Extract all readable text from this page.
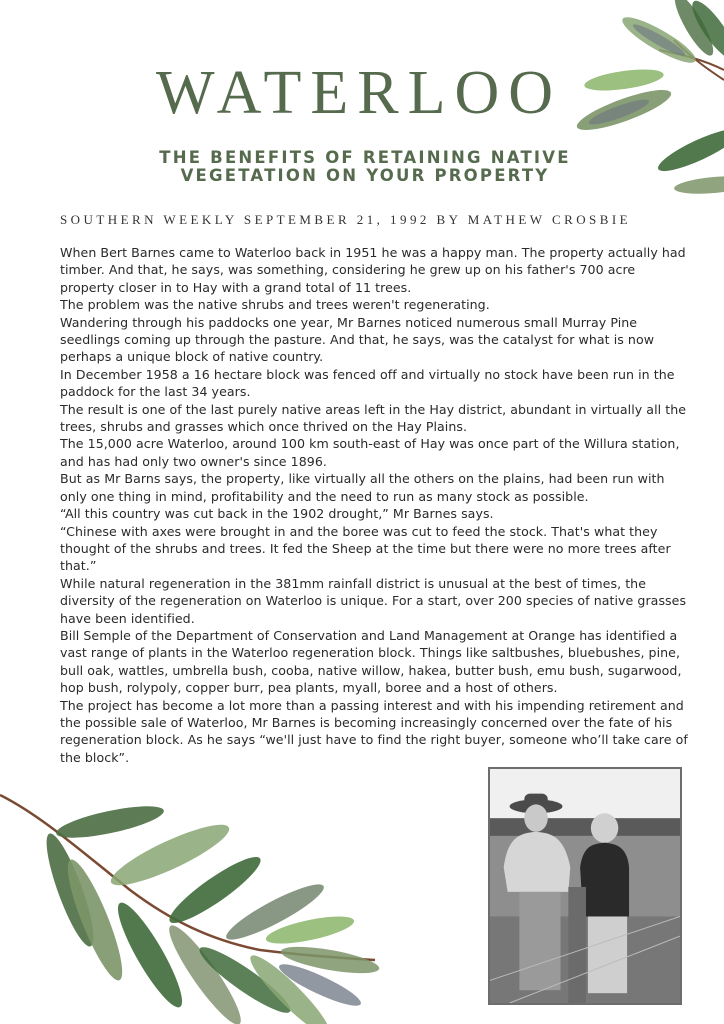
WATERLOO
THE BENEFITS OF RETAINING NATIVE
VEGETATION ON YOUR PROPERTY
SOUTHERN WEEKLY SEPTEMBER 21, 1992 BY MATHEW CROSBIE

When Bert Barnes came to Waterloo back in 1951 he was a happy man. The property actually had timber. And that, he says, was something, considering he grew up on his father's 700 acre property closer in to Hay with a grand total of 11 trees.

The problem was the native shrubs and trees weren't regenerating.

Wandering through his paddocks one year, Mr Barnes noticed numerous small Murray Pine seedlings coming up through the pasture. And that, he says, was the catalyst for what is now perhaps a unique block of native country.

In December 1958 a 16 hectare block was fenced off and virtually no stock have been run in the paddock for the last 34 years.

The result is one of the last purely native areas left in the Hay district, abundant in virtually all the trees, shrubs and grasses which once thrived on the Hay Plains.

The 15,000 acre Waterloo, around 100 km south-east of Hay was once part of the Willura station, and has had only two owner's since 1896.

But as Mr Barns says, the property, like virtually all the others on the plains, had been run with only one thing in mind, profitability and the need to run as many stock as possible.

“All this country was cut back in the 1902 drought,” Mr Barnes says.

“Chinese with axes were brought in and the boree was cut to feed the stock. That's what they thought of the shrubs and trees. It fed the Sheep at the time but there were no more trees after that.”

While natural regeneration in the 381mm rainfall district is unusual at the best of times, the diversity of the regeneration on Waterloo is unique. For a start, over 200 species of native grasses have been identified.

Bill Semple of the Department of Conservation and Land Management at Orange has identified a vast range of plants in the Waterloo regeneration block. Things like saltbushes, bluebushes, pine, bull oak, wattles, umbrella bush, cooba, native willow, hakea, butter bush, emu bush, sugarwood, hop bush, rolypoly, copper burr, pea plants, myall, boree and a host of others.

The project has become a lot more than a passing interest and with his impending retirement and the possible sale of Waterloo, Mr Barnes is becoming increasingly concerned over the fate of his regeneration block. As he says “we'll just have to find the right buyer, someone who’ll take care of the block”.
